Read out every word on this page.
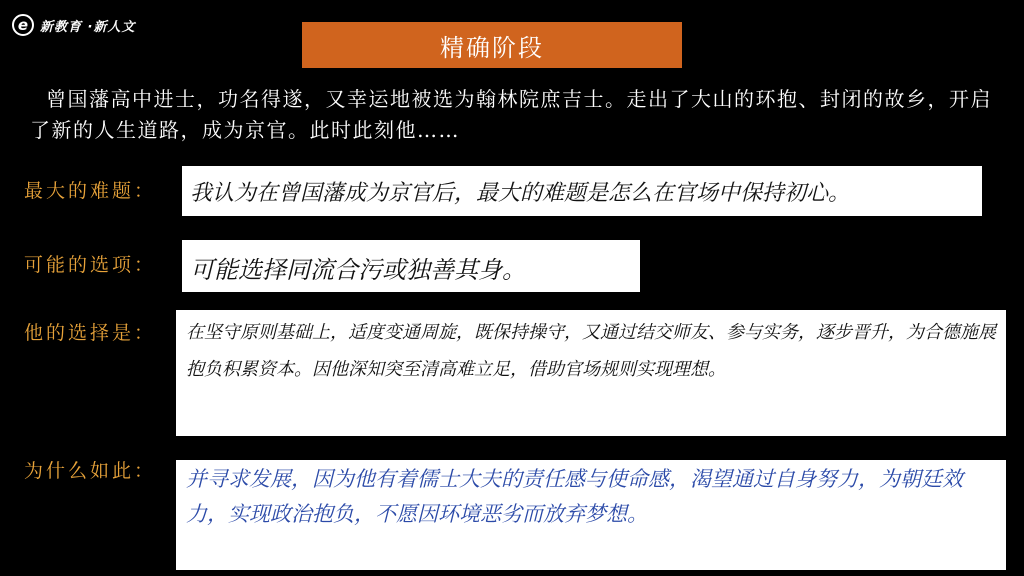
e 新教育 ·新人文
精确阶段
曾国藩高中进士，功名得遂，又幸运地被选为翰林院庶吉士。走出了大山的环抱、封闭的故乡，开启了新的人生道路，成为京官。此时此刻他……
最大的难题： 我认为在曾国藩成为京官后，最大的难题是怎么在官场中保持初心。
可能的选项： 可能选择同流合污或独善其身。
他的选择是： 在坚守原则基础上，适度变通周旋，既保持操守，又通过结交师友、参与实务，逐步晋升，为合德施展抱负积累资本。因他深知突至清高难立足，借助官场规则实现理想。
为什么如此： 并寻求发展，因为他有着儒士大夫的责任感与使命感，渴望通过自身努力，为朝廷效力，实现政治抱负，不愿因环境恶劣而放弃梦想。
